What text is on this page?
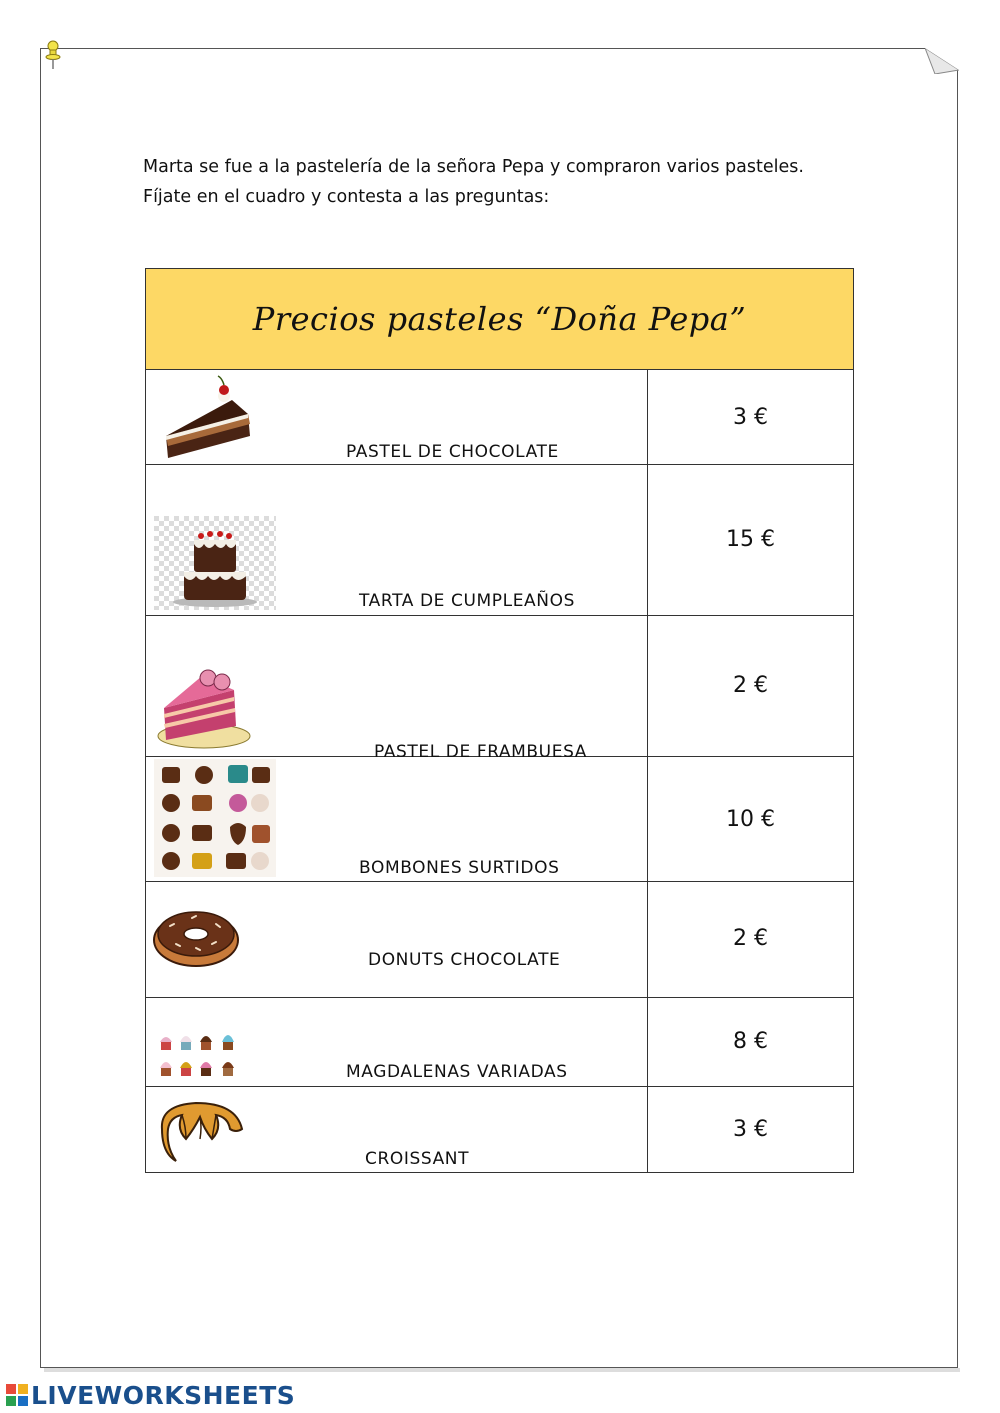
Marta se fue a la pastelería de la señora Pepa y compraron varios pasteles.
Fíjate en el cuadro y contesta a las preguntas:
Precios pasteles “Doña Pepa”
PASTEL DE CHOCOLATE
3 €
TARTA DE CUMPLEAÑOS
15 €
PASTEL DE FRAMBUESA
2 €
BOMBONES SURTIDOS
10 €
DONUTS CHOCOLATE
2 €
MAGDALENAS VARIADAS
8 €
CROISSANT
3 €
LIVEWORKSHEETS
